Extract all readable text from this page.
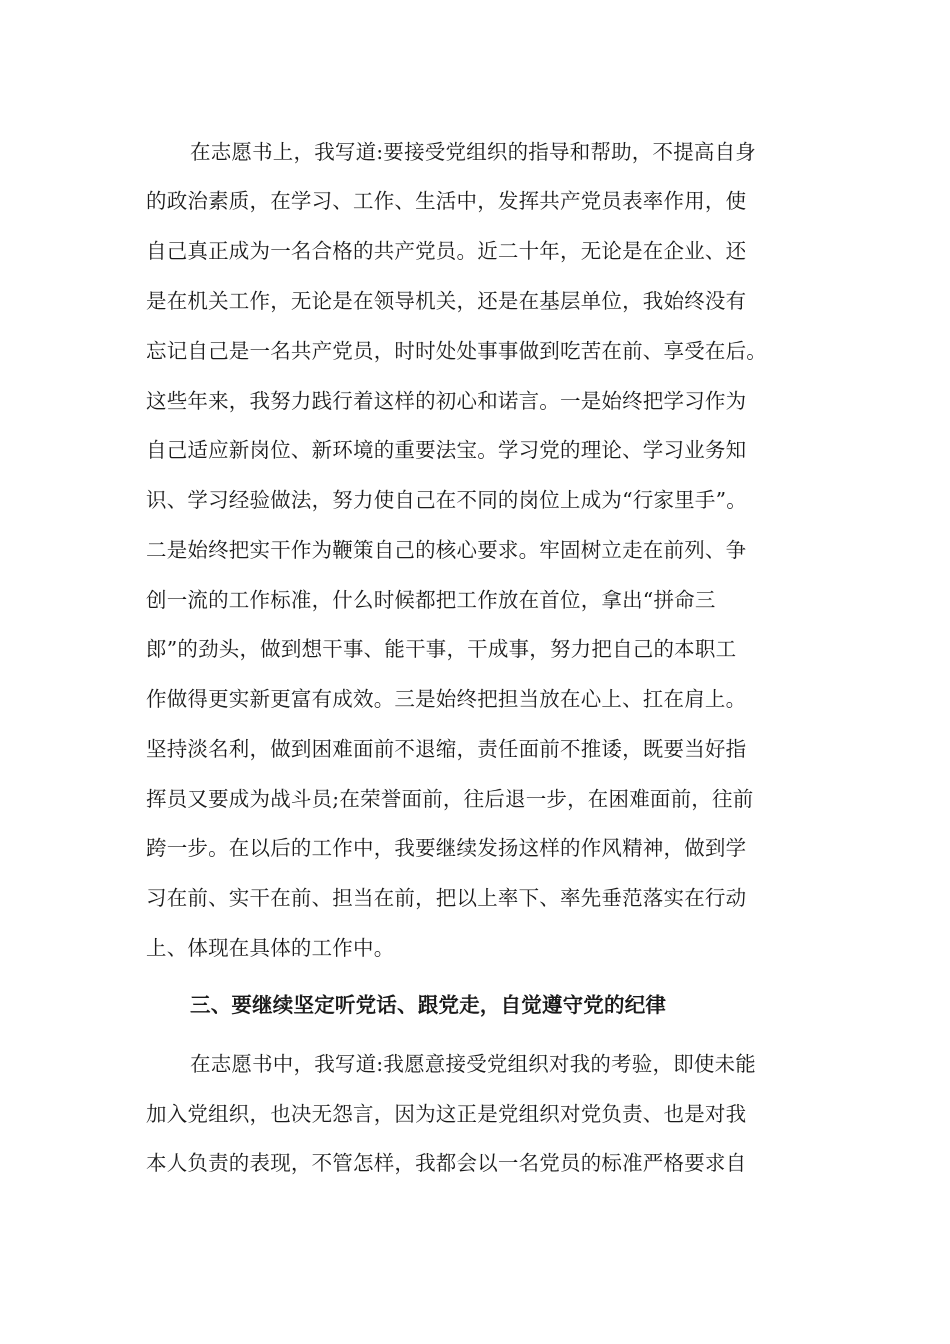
在志愿书上，我写道:要接受党组织的指导和帮助，不提高自身
的政治素质，在学习、工作、生活中，发挥共产党员表率作用，使
自己真正成为一名合格的共产党员。近二十年，无论是在企业、还
是在机关工作，无论是在领导机关，还是在基层单位，我始终没有
忘记自己是一名共产党员，时时处处事事做到吃苦在前、享受在后。
这些年来，我努力践行着这样的初心和诺言。一是始终把学习作为
自己适应新岗位、新环境的重要法宝。学习党的理论、学习业务知
识、学习经验做法，努力使自己在不同的岗位上成为“行家里手”。
二是始终把实干作为鞭策自己的核心要求。牢固树立走在前列、争
创一流的工作标准，什么时候都把工作放在首位，拿出“拼命三
郎”的劲头，做到想干事、能干事，干成事，努力把自己的本职工
作做得更实新更富有成效。三是始终把担当放在心上、扛在肩上。
坚持淡名利，做到困难面前不退缩，责任面前不推诿，既要当好指
挥员又要成为战斗员;在荣誉面前，往后退一步，在困难面前，往前
跨一步。在以后的工作中，我要继续发扬这样的作风精神，做到学
习在前、实干在前、担当在前，把以上率下、率先垂范落实在行动
上、体现在具体的工作中。
三、要继续坚定听党话、跟党走，自觉遵守党的纪律
在志愿书中，我写道:我愿意接受党组织对我的考验，即使未能
加入党组织，也决无怨言，因为这正是党组织对党负责、也是对我
本人负责的表现，不管怎样，我都会以一名党员的标准严格要求自
